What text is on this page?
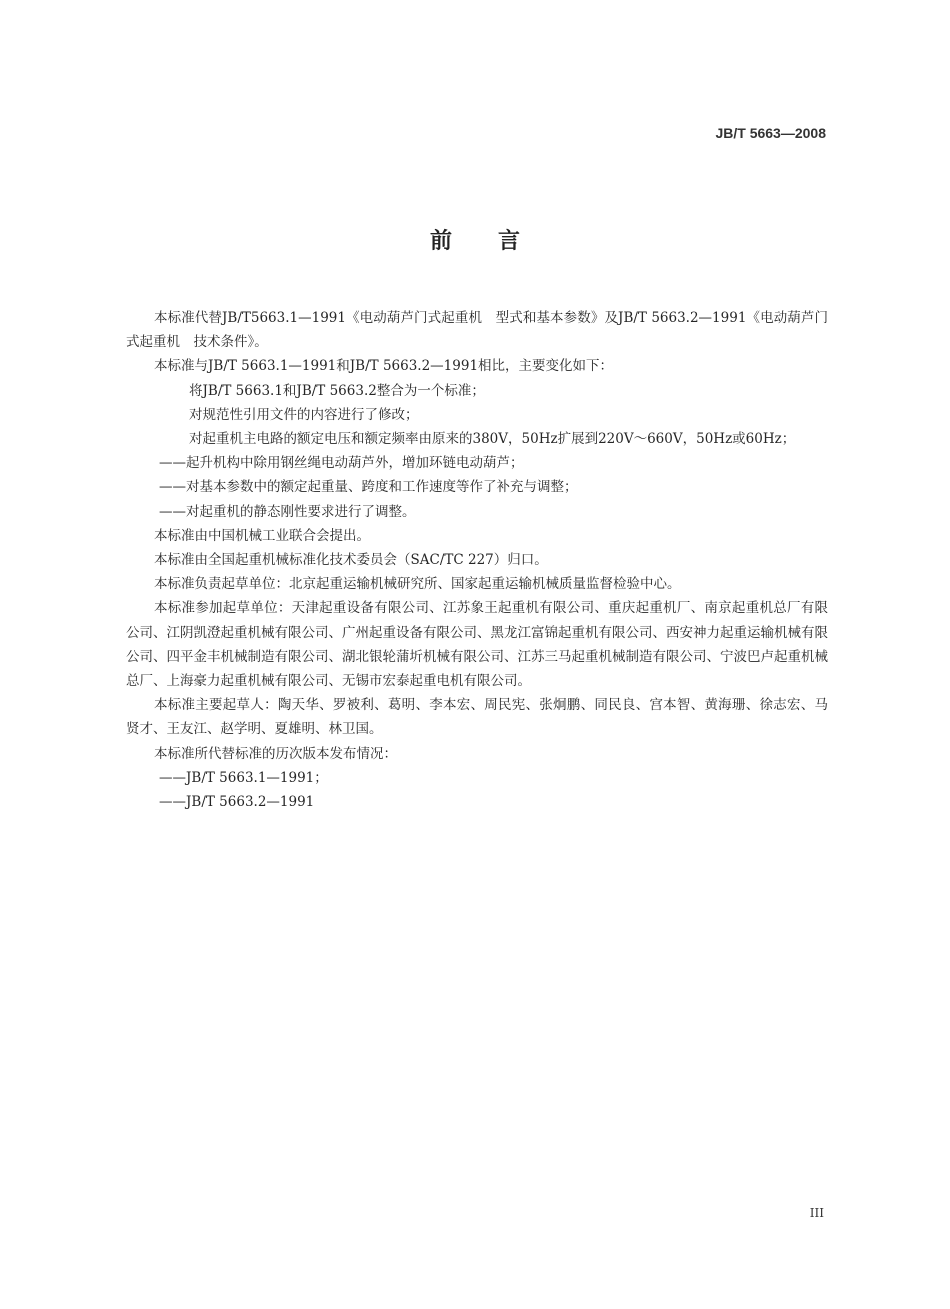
JB/T 5663—2008
前言

本标准代替JB/T5663.1—1991《电动葫芦门式起重机　型式和基本参数》及JB/T 5663.2—1991《电动葫芦门式起重机　技术条件》。

本标准与JB/T 5663.1—1991和JB/T 5663.2—1991相比，主要变化如下：

将JB/T 5663.1和JB/T 5663.2整合为一个标准；

对规范性引用文件的内容进行了修改；

对起重机主电路的额定电压和额定频率由原来的380V，50Hz扩展到220V～660V，50Hz或60Hz；

——起升机构中除用钢丝绳电动葫芦外，增加环链电动葫芦；

——对基本参数中的额定起重量、跨度和工作速度等作了补充与调整；

——对起重机的静态刚性要求进行了调整。

本标准由中国机械工业联合会提出。

本标准由全国起重机械标准化技术委员会（SAC/TC 227）归口。

本标准负责起草单位：北京起重运输机械研究所、国家起重运输机械质量监督检验中心。

本标准参加起草单位：天津起重设备有限公司、江苏象王起重机有限公司、重庆起重机厂、南京起重机总厂有限公司、江阴凯澄起重机械有限公司、广州起重设备有限公司、黑龙江富锦起重机有限公司、西安神力起重运输机械有限公司、四平金丰机械制造有限公司、湖北银轮蒲圻机械有限公司、江苏三马起重机械制造有限公司、宁波巴卢起重机械总厂、上海豪力起重机械有限公司、无锡市宏泰起重电机有限公司。

本标准主要起草人：陶天华、罗被利、葛明、李本宏、周民宪、张炯鹏、同民良、宫本智、黄海珊、徐志宏、马贤才、王友江、赵学明、夏雄明、林卫国。

本标准所代替标准的历次版本发布情况：

——JB/T 5663.1—1991；

——JB/T 5663.2—1991

III
